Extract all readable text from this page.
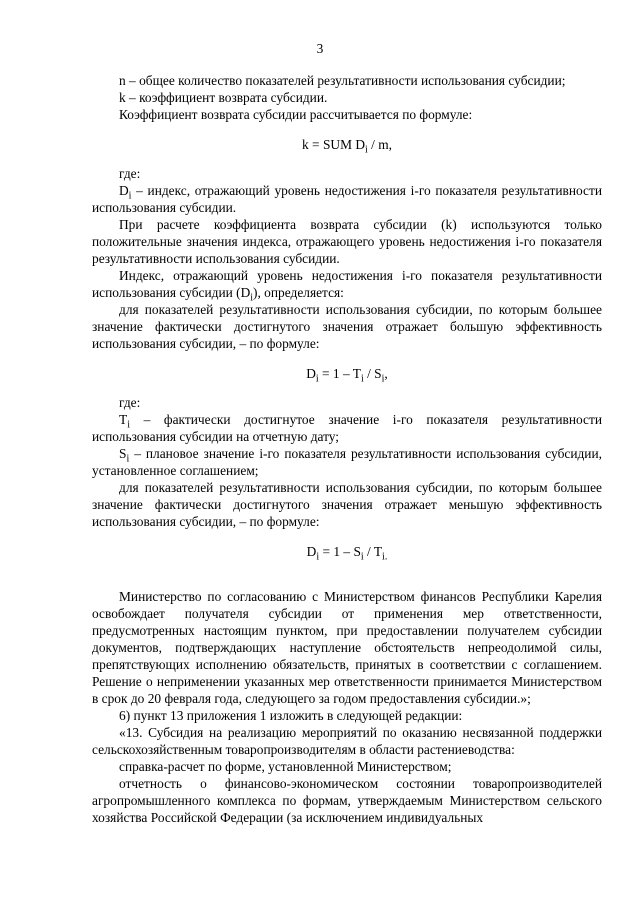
3

n – общее количество показателей результативности использования субсидии;

k – коэффициент возврата субсидии.

Коэффициент возврата субсидии рассчитывается по формуле:

k = SUM $D_i$ / m,

где:

$D_i$ – индекс, отражающий уровень недостижения i-го показателя результативности использования субсидии.

При расчете коэффициента возврата субсидии (k) используются только положительные значения индекса, отражающего уровень недостижения i-го показателя результативности использования субсидии.

Индекс, отражающий уровень недостижения i-го показателя результативности использования субсидии $(D_i)$, определяется:

для показателей результативности использования субсидии, по которым большее значение фактически достигнутого значения отражает большую эффективность использования субсидии, – по формуле:

$D_i = 1 - T_i / S_i$,

где:

$T_i$ – фактически достигнутое значение i-го показателя результативности использования субсидии на отчетную дату;

$S_i$ – плановое значение i-го показателя результативности использования субсидии, установленное соглашением;

для показателей результативности использования субсидии, по которым большее значение фактически достигнутого значения отражает меньшую эффективность использования субсидии, – по формуле:

$D_i = 1 - S_i / T_{i.}$

Министерство по согласованию с Министерством финансов Республики Карелия освобождает получателя субсидии от применения мер ответственности, предусмотренных настоящим пунктом, при предоставлении получателем субсидии документов, подтверждающих наступление обстоятельств непреодолимой силы, препятствующих исполнению обязательств, принятых в соответствии с соглашением. Решение о неприменении указанных мер ответственности принимается Министерством в срок до 20 февраля года, следующего за годом предоставления субсидии.»;

6) пункт 13 приложения 1 изложить в следующей редакции:

«13. Субсидия на реализацию мероприятий по оказанию несвязанной поддержки сельскохозяйственным товаропроизводителям в области растениеводства:

справка-расчет по форме, установленной Министерством;

отчетность о финансово-экономическом состоянии товаропроизводителей агропромышленного комплекса по формам, утверждаемым Министерством сельского хозяйства Российской Федерации (за исключением индивидуальных
